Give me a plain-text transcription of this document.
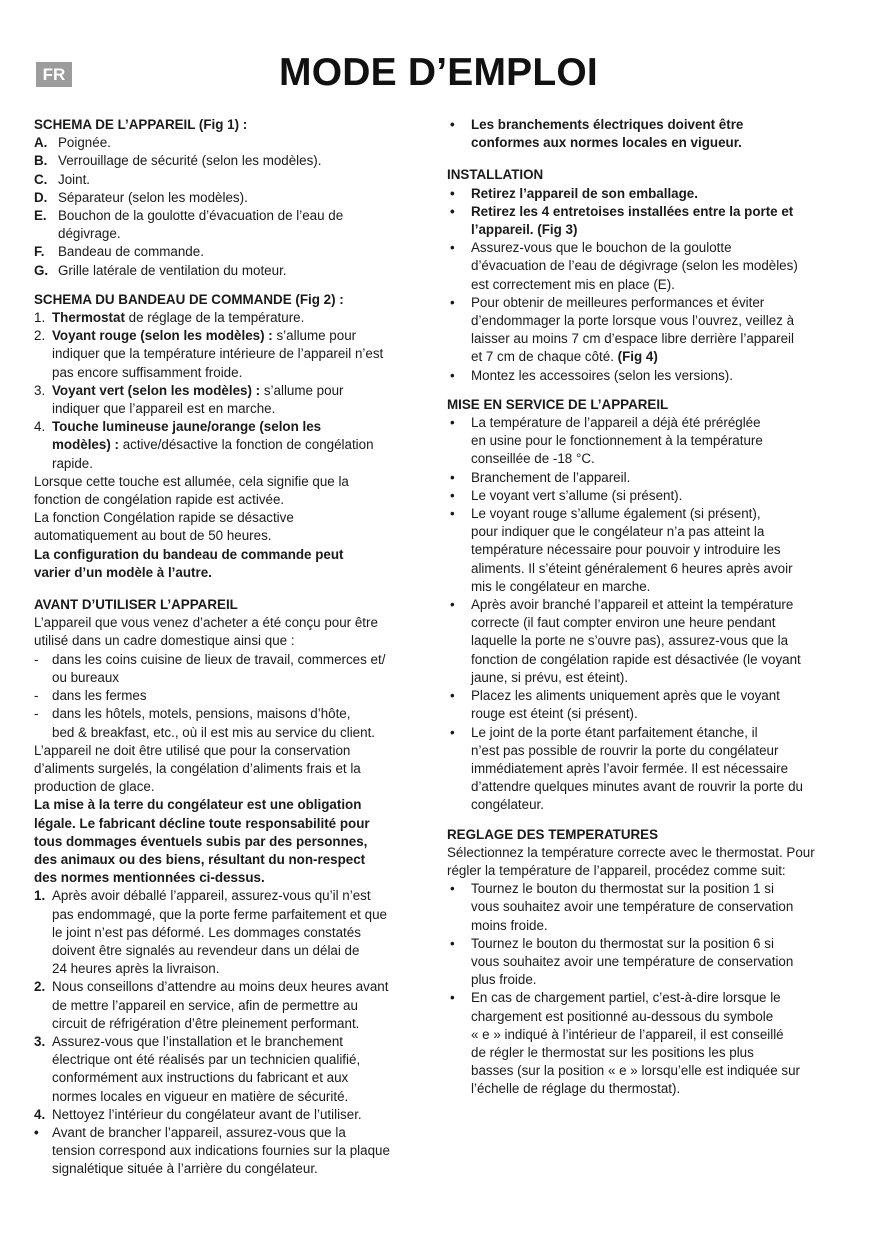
FR	MODE D’EMPLOI
SCHEMA DE L’APPAREIL (Fig 1) :
A. Poignée.
B. Verrouillage de sécurité (selon les modèles).
C. Joint.
D. Séparateur (selon les modèles).
E. Bouchon de la goulotte d’évacuation de l’eau de
dégivrage.
F. Bandeau de commande.
G. Grille latérale de ventilation du moteur.
SCHEMA DU BANDEAU DE COMMANDE (Fig 2) :
1. Thermostat de réglage de la température.
2. Voyant rouge (selon les modèles) : s’allume pour
indiquer que la température intérieure de l’appareil n’est
pas encore suffisamment froide.
3. Voyant vert (selon les modèles) : s’allume pour
indiquer que l’appareil est en marche.
4. Touche lumineuse jaune/orange (selon les
modèles) : active/désactive la fonction de congélation
rapide.
Lorsque cette touche est allumée, cela signifie que la
fonction de congélation rapide est activée.
La fonction Congélation rapide se désactive
automatiquement au bout de 50 heures.
La configuration du bandeau de commande peut
varier d’un modèle à l’autre.
AVANT D’UTILISER L’APPAREIL
L’appareil que vous venez d’acheter a été conçu pour être
utilisé dans un cadre domestique ainsi que :
- dans les coins cuisine de lieux de travail, commerces et/
ou bureaux
- dans les fermes
- dans les hôtels, motels, pensions, maisons d’hôte,
bed & breakfast, etc., où il est mis au service du client.
L’appareil ne doit être utilisé que pour la conservation
d’aliments surgelés, la congélation d’aliments frais et la
production de glace.
La mise à la terre du congélateur est une obligation
légale. Le fabricant décline toute responsabilité pour
tous dommages éventuels subis par des personnes,
des animaux ou des biens, résultant du non-respect
des normes mentionnées ci-dessus.
1. Après avoir déballé l’appareil, assurez-vous qu’il n’est
pas endommagé, que la porte ferme parfaitement et que
le joint n’est pas déformé. Les dommages constatés
doivent être signalés au revendeur dans un délai de
24 heures après la livraison.
2. Nous conseillons d’attendre au moins deux heures avant
de mettre l’appareil en service, afin de permettre au
circuit de réfrigération d’être pleinement performant.
3. Assurez-vous que l’installation et le branchement
électrique ont été réalisés par un technicien qualifié,
conformément aux instructions du fabricant et aux
normes locales en vigueur en matière de sécurité.
4. Nettoyez l’intérieur du congélateur avant de l’utiliser.
• Avant de brancher l’appareil, assurez-vous que la
tension correspond aux indications fournies sur la plaque
signalétique située à l’arrière du congélateur.
• Les branchements électriques doivent être
conformes aux normes locales en vigueur.
INSTALLATION
• Retirez l’appareil de son emballage.
• Retirez les 4 entretoises installées entre la porte et
l’appareil. (Fig 3)
• Assurez-vous que le bouchon de la goulotte
d’évacuation de l’eau de dégivrage (selon les modèles)
est correctement mis en place (E).
• Pour obtenir de meilleures performances et éviter
d’endommager la porte lorsque vous l’ouvrez, veillez à
laisser au moins 7 cm d’espace libre derrière l’appareil
et 7 cm de chaque côté. (Fig 4)
• Montez les accessoires (selon les versions).
MISE EN SERVICE DE L’APPAREIL
• La température de l’appareil a déjà été préréglée
en usine pour le fonctionnement à la température
conseillée de -18 °C.
• Branchement de l’appareil.
• Le voyant vert s’allume (si présent).
• Le voyant rouge s’allume également (si présent),
pour indiquer que le congélateur n’a pas atteint la
température nécessaire pour pouvoir y introduire les
aliments. Il s’éteint généralement 6 heures après avoir
mis le congélateur en marche.
• Après avoir branché l’appareil et atteint la température
correcte (il faut compter environ une heure pendant
laquelle la porte ne s’ouvre pas), assurez-vous que la
fonction de congélation rapide est désactivée (le voyant
jaune, si prévu, est éteint).
• Placez les aliments uniquement après que le voyant
rouge est éteint (si présent).
• Le joint de la porte étant parfaitement étanche, il
n’est pas possible de rouvrir la porte du congélateur
immédiatement après l’avoir fermée. Il est nécessaire
d’attendre quelques minutes avant de rouvrir la porte du
congélateur.
REGLAGE DES TEMPERATURES
Sélectionnez la température correcte avec le thermostat. Pour
régler la température de l’appareil, procédez comme suit:
• Tournez le bouton du thermostat sur la position 1 si
vous souhaitez avoir une température de conservation
moins froide.
• Tournez le bouton du thermostat sur la position 6 si
vous souhaitez avoir une température de conservation
plus froide.
• En cas de chargement partiel, c’est-à-dire lorsque le
chargement est positionné au-dessous du symbole
« e » indiqué à l’intérieur de l’appareil, il est conseillé
de régler le thermostat sur les positions les plus
basses (sur la position « e » lorsqu’elle est indiquée sur
l’échelle de réglage du thermostat).
